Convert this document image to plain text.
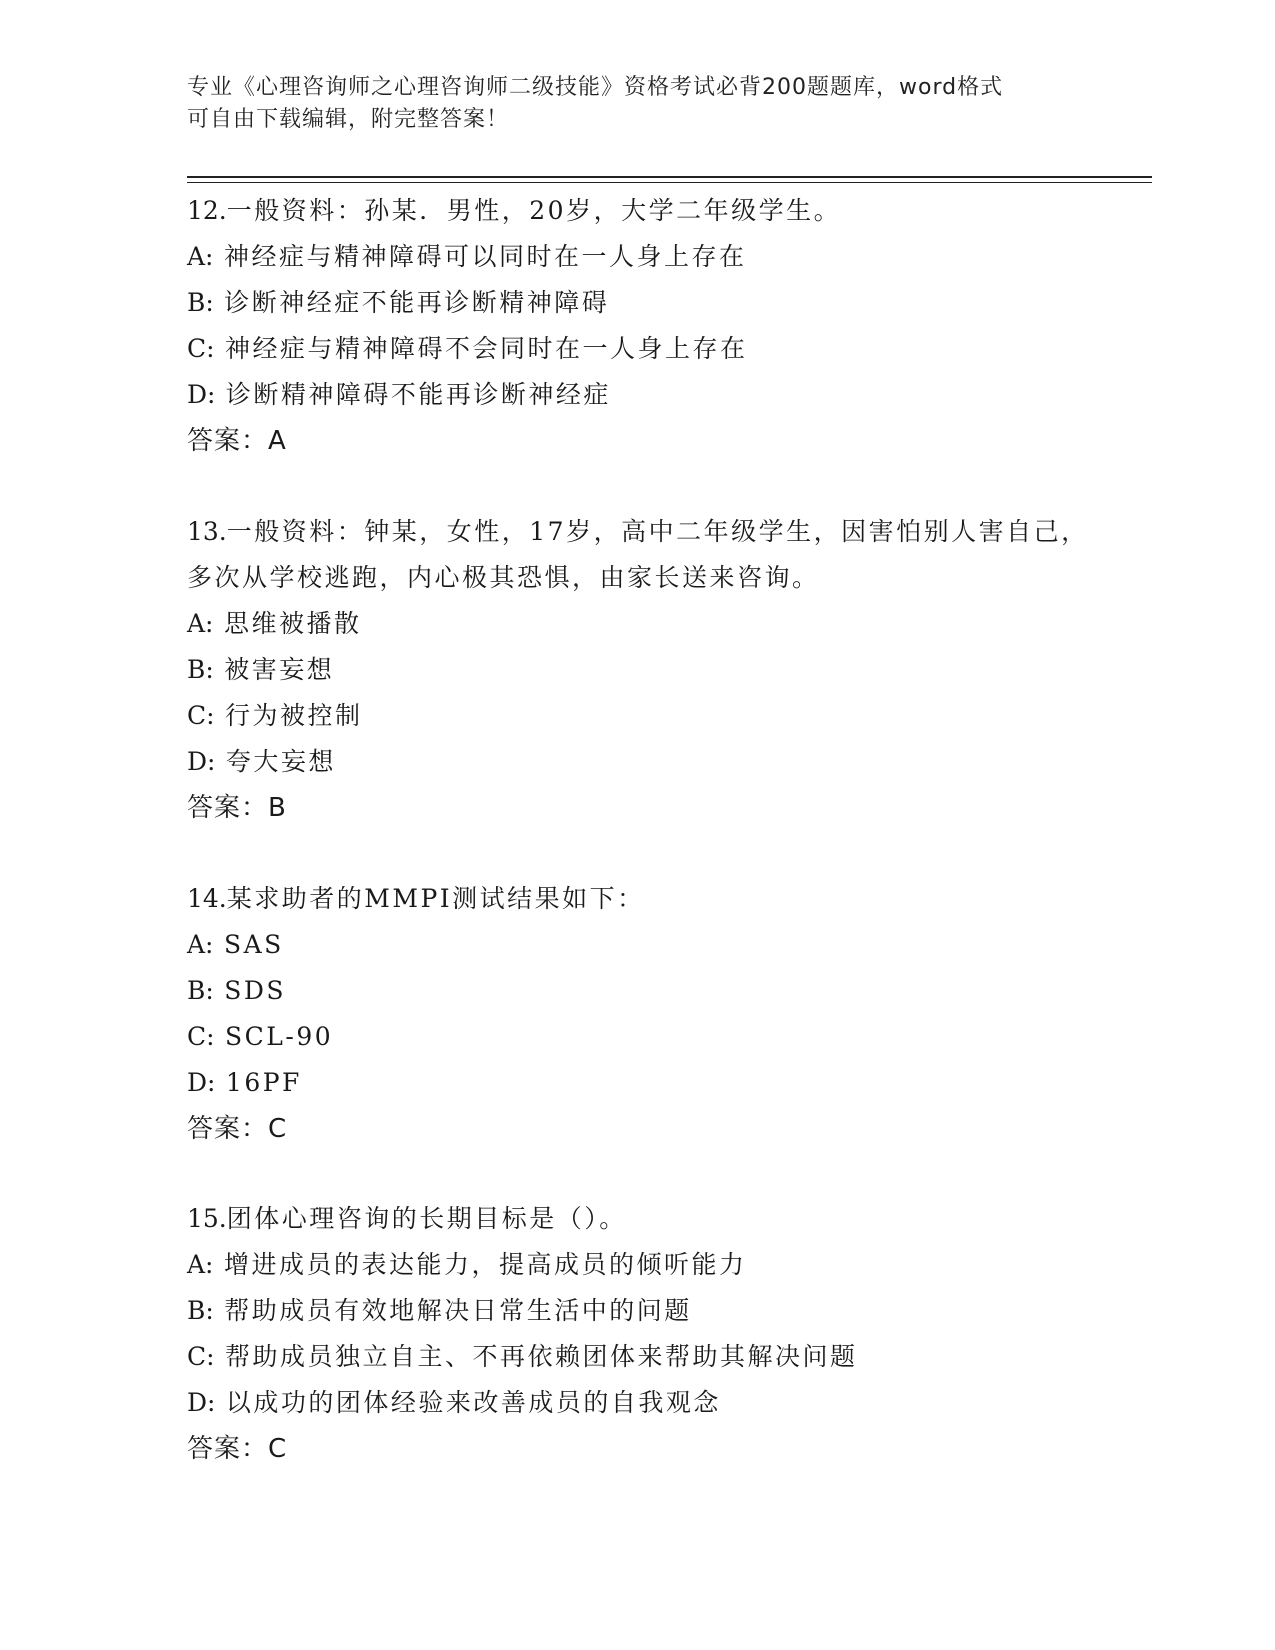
专业《心理咨询师之心理咨询师二级技能》资格考试必背200题题库，word格式
可自由下载编辑，附完整答案！

12.一般资料：孙某．男性，20岁，大学二年级学生。

A: 神经症与精神障碍可以同时在一人身上存在

B: 诊断神经症不能再诊断精神障碍

C: 神经症与精神障碍不会同时在一人身上存在

D: 诊断精神障碍不能再诊断神经症

答案：A

13.一般资料：钟某，女性，17岁，高中二年级学生，因害怕别人害自己，多次从学校逃跑，内心极其恐惧，由家长送来咨询。

A: 思维被播散

B: 被害妄想

C: 行为被控制

D: 夸大妄想

答案：B

14.某求助者的MMPI测试结果如下：

A: SAS

B: SDS

C: SCL-90

D: 16PF

答案：C

15.团体心理咨询的长期目标是（）。

A: 增进成员的表达能力，提高成员的倾听能力

B: 帮助成员有效地解决日常生活中的问题

C: 帮助成员独立自主、不再依赖团体来帮助其解决问题

D: 以成功的团体经验来改善成员的自我观念

答案：C
